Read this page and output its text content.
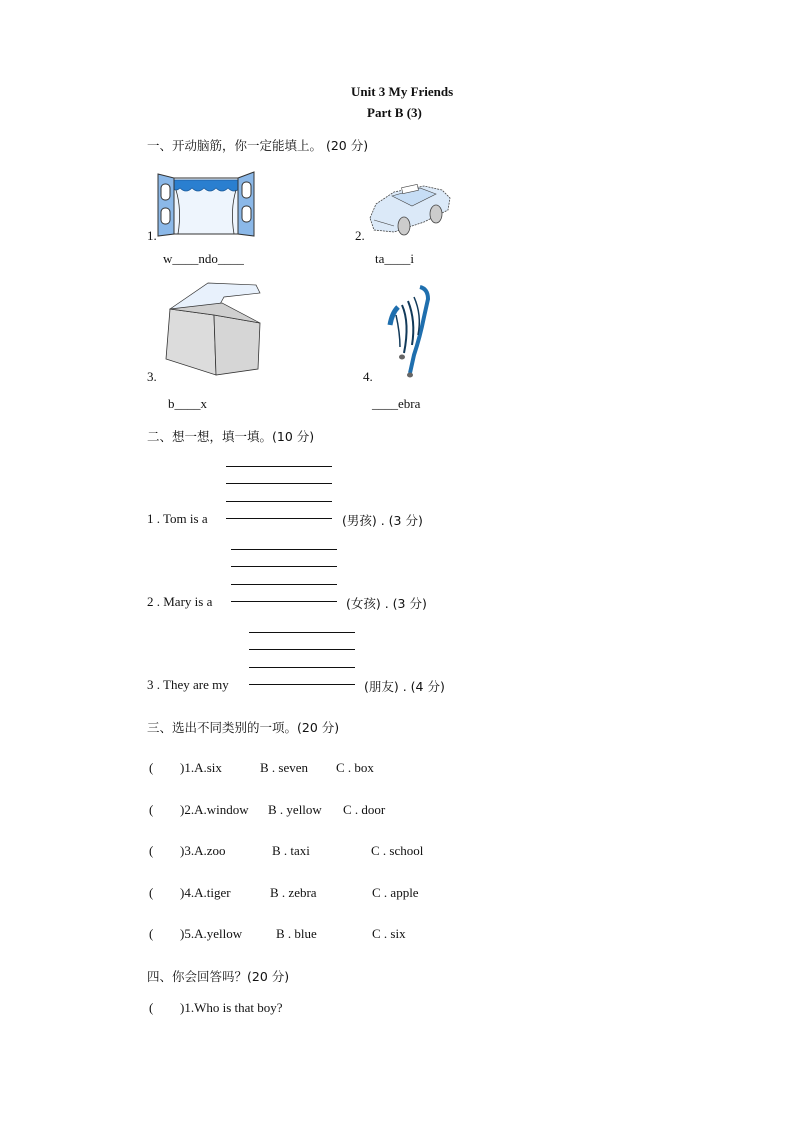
Unit 3 My Friends
Part B (3)
一、开动脑筋，你一定能填上。 (20 分)
1.
w____ndo____
2.
ta____i
3.
b____x
4.
____ebra
二、想一想，填一填。(10 分)
1 . Tom is a	(男孩) . (3 分)
2 . Mary is a	(女孩) . (3 分)
3 . They are my	(朋友) . (4 分)
三、选出不同类别的一项。(20 分)
( )1.A.six	B . seven C . box
( )2.A.window B . yellow C . door
( )3.A.zoo	B . taxi	C . school
( )4.A.tiger	B . zebra	C . apple
( )5.A.yellow	B . blue	C . six
四、你会回答吗？(20 分)
( )1.Who is that boy?
